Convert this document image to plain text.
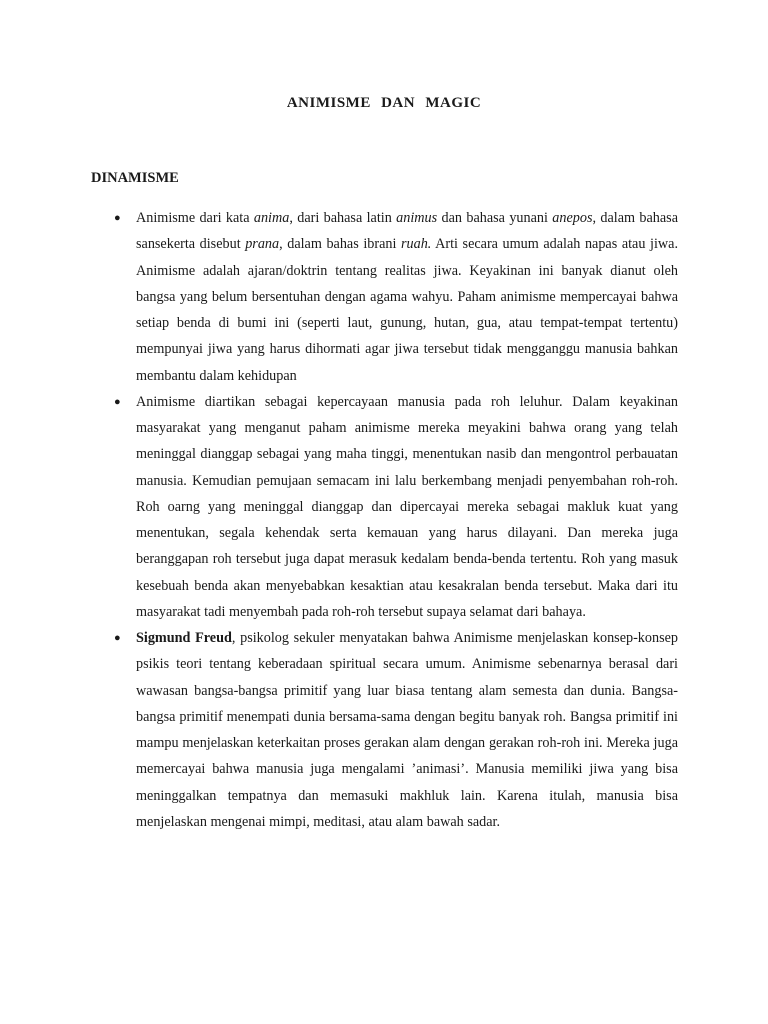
ANIMISME DAN MAGIC
DINAMISME
● Animisme dari kata anima, dari bahasa latin animus dan bahasa yunani anepos, dalam bahasa sansekerta disebut prana, dalam bahas ibrani ruah. Arti secara umum adalah napas atau jiwa. Animisme adalah ajaran/doktrin tentang realitas jiwa. Keyakinan ini banyak dianut oleh bangsa yang belum bersentuhan dengan agama wahyu. Paham animisme mempercayai bahwa setiap benda di bumi ini (seperti laut, gunung, hutan, gua, atau tempat-tempat tertentu) mempunyai jiwa yang harus dihormati agar jiwa tersebut tidak mengganggu manusia bahkan membantu dalam kehidupan
● Animisme diartikan sebagai kepercayaan manusia pada roh leluhur. Dalam keyakinan masyarakat yang menganut paham animisme mereka meyakini bahwa orang yang telah meninggal dianggap sebagai yang maha tinggi, menentukan nasib dan mengontrol perbauatan manusia. Kemudian pemujaan semacam ini lalu berkembang menjadi penyembahan roh-roh. Roh oarng yang meninggal dianggap dan dipercayai mereka sebagai makluk kuat yang menentukan, segala kehendak serta kemauan yang harus dilayani. Dan mereka juga beranggapan roh tersebut juga dapat merasuk kedalam benda-benda tertentu. Roh yang masuk kesebuah benda akan menyebabkan kesaktian atau kesakralan benda tersebut. Maka dari itu masyarakat tadi menyembah pada roh-roh tersebut supaya selamat dari bahaya.
● Sigmund Freud, psikolog sekuler menyatakan bahwa Animisme menjelaskan konsep-konsep psikis teori tentang keberadaan spiritual secara umum. Animisme sebenarnya berasal dari wawasan bangsa-bangsa primitif yang luar biasa tentang alam semesta dan dunia. Bangsa-bangsa primitif menempati dunia bersama-sama dengan begitu banyak roh. Bangsa primitif ini mampu menjelaskan keterkaitan proses gerakan alam dengan gerakan roh-roh ini. Mereka juga memercayai bahwa manusia juga mengalami ’animasi’. Manusia memiliki jiwa yang bisa meninggalkan tempatnya dan memasuki makhluk lain. Karena itulah, manusia bisa menjelaskan mengenai mimpi, meditasi, atau alam bawah sadar.
